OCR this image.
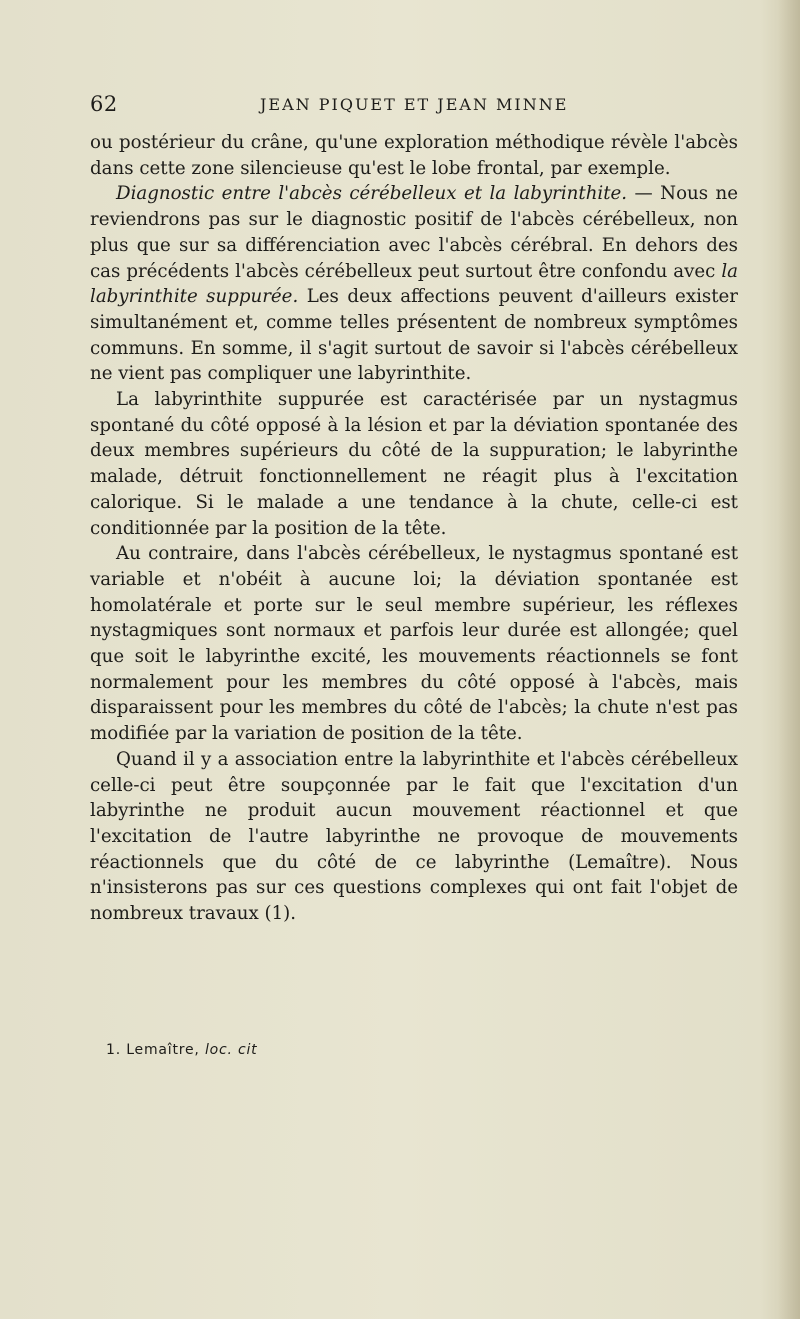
62	JEAN PIQUET ET JEAN MINNE

ou postérieur du crâne, qu'une exploration méthodique révèle l'abcès dans cette zone silencieuse qu'est le lobe frontal, par exemple.

Diagnostic entre l'abcès cérébelleux et la labyrinthite. — Nous ne reviendrons pas sur le diagnostic positif de l'abcès cérébelleux, non plus que sur sa différenciation avec l'abcès cérébral. En dehors des cas précédents l'abcès cérébelleux peut surtout être confondu avec la labyrinthite suppurée. Les deux affections peuvent d'ailleurs exister simultanément et, comme telles présentent de nombreux symptômes communs. En somme, il s'agit surtout de savoir si l'abcès cérébelleux ne vient pas compliquer une labyrinthite.

La labyrinthite suppurée est caractérisée par un nystagmus spontané du côté opposé à la lésion et par la déviation spontanée des deux membres supérieurs du côté de la suppuration; le labyrinthe malade, détruit fonctionnellement ne réagit plus à l'excitation calorique. Si le malade a une tendance à la chute, celle-ci est conditionnée par la position de la tête.

Au contraire, dans l'abcès cérébelleux, le nystagmus spontané est variable et n'obéit à aucune loi; la déviation spontanée est homolatérale et porte sur le seul membre supérieur, les réflexes nystagmiques sont normaux et parfois leur durée est allongée; quel que soit le labyrinthe excité, les mouvements réactionnels se font normalement pour les membres du côté opposé à l'abcès, mais disparaissent pour les membres du côté de l'abcès; la chute n'est pas modifiée par la variation de position de la tête.

Quand il y a association entre la labyrinthite et l'abcès cérébelleux celle-ci peut être soupçonnée par le fait que l'excitation d'un labyrinthe ne produit aucun mouvement réactionnel et que l'excitation de l'autre labyrinthe ne provoque de mouvements réactionnels que du côté de ce labyrinthe (Lemaître). Nous n'insisterons pas sur ces questions complexes qui ont fait l'objet de nombreux travaux (1).

1. Lemaître, loc. cit
